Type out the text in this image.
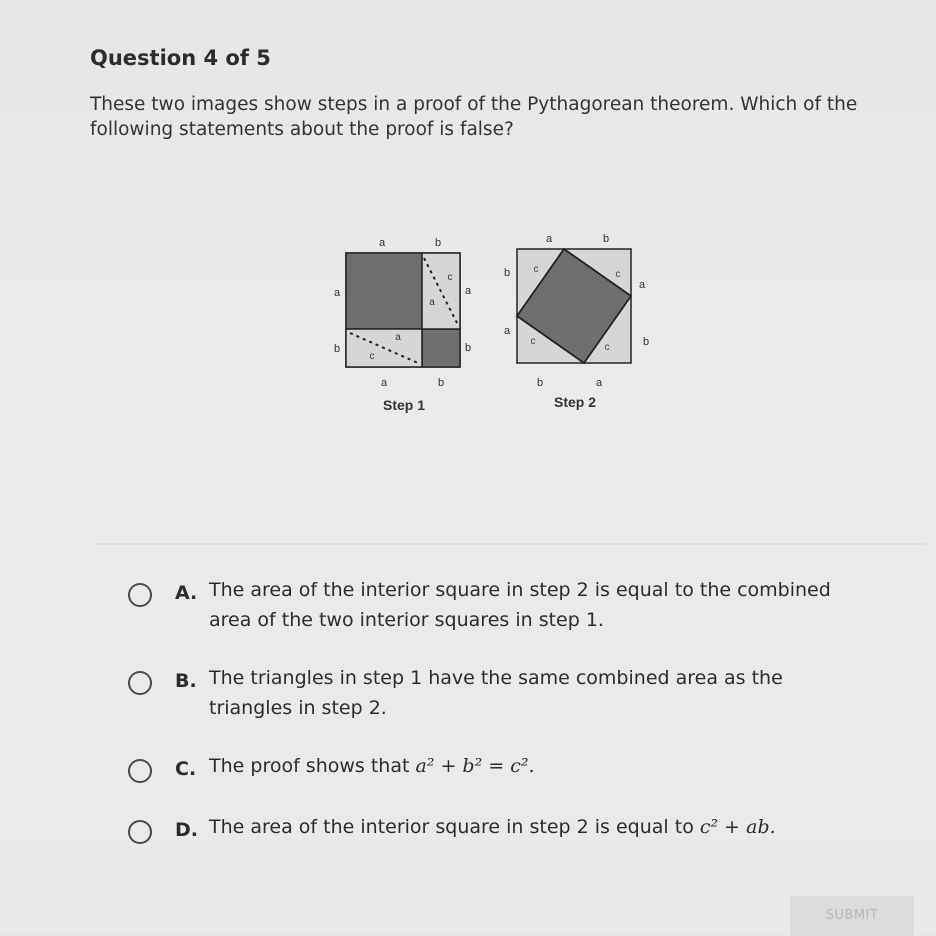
Question 4 of 5
These two images show steps in a proof of the Pythagorean theorem. Which of the following statements about the proof is false?
a	b
a
b
a
b
a	b
c
a
a
c
Step 1
a	b
b
a
a
b
b	a
c	c
c
c
Step 2
A. The area of the interior square in step 2 is equal to the combined
area of the two interior squares in step 1.
B. The triangles in step 1 have the same combined area as the
triangles in step 2.
C. The proof shows that a² + b² = c².
D. The area of the interior square in step 2 is equal to c² + ab.
SUBMIT
